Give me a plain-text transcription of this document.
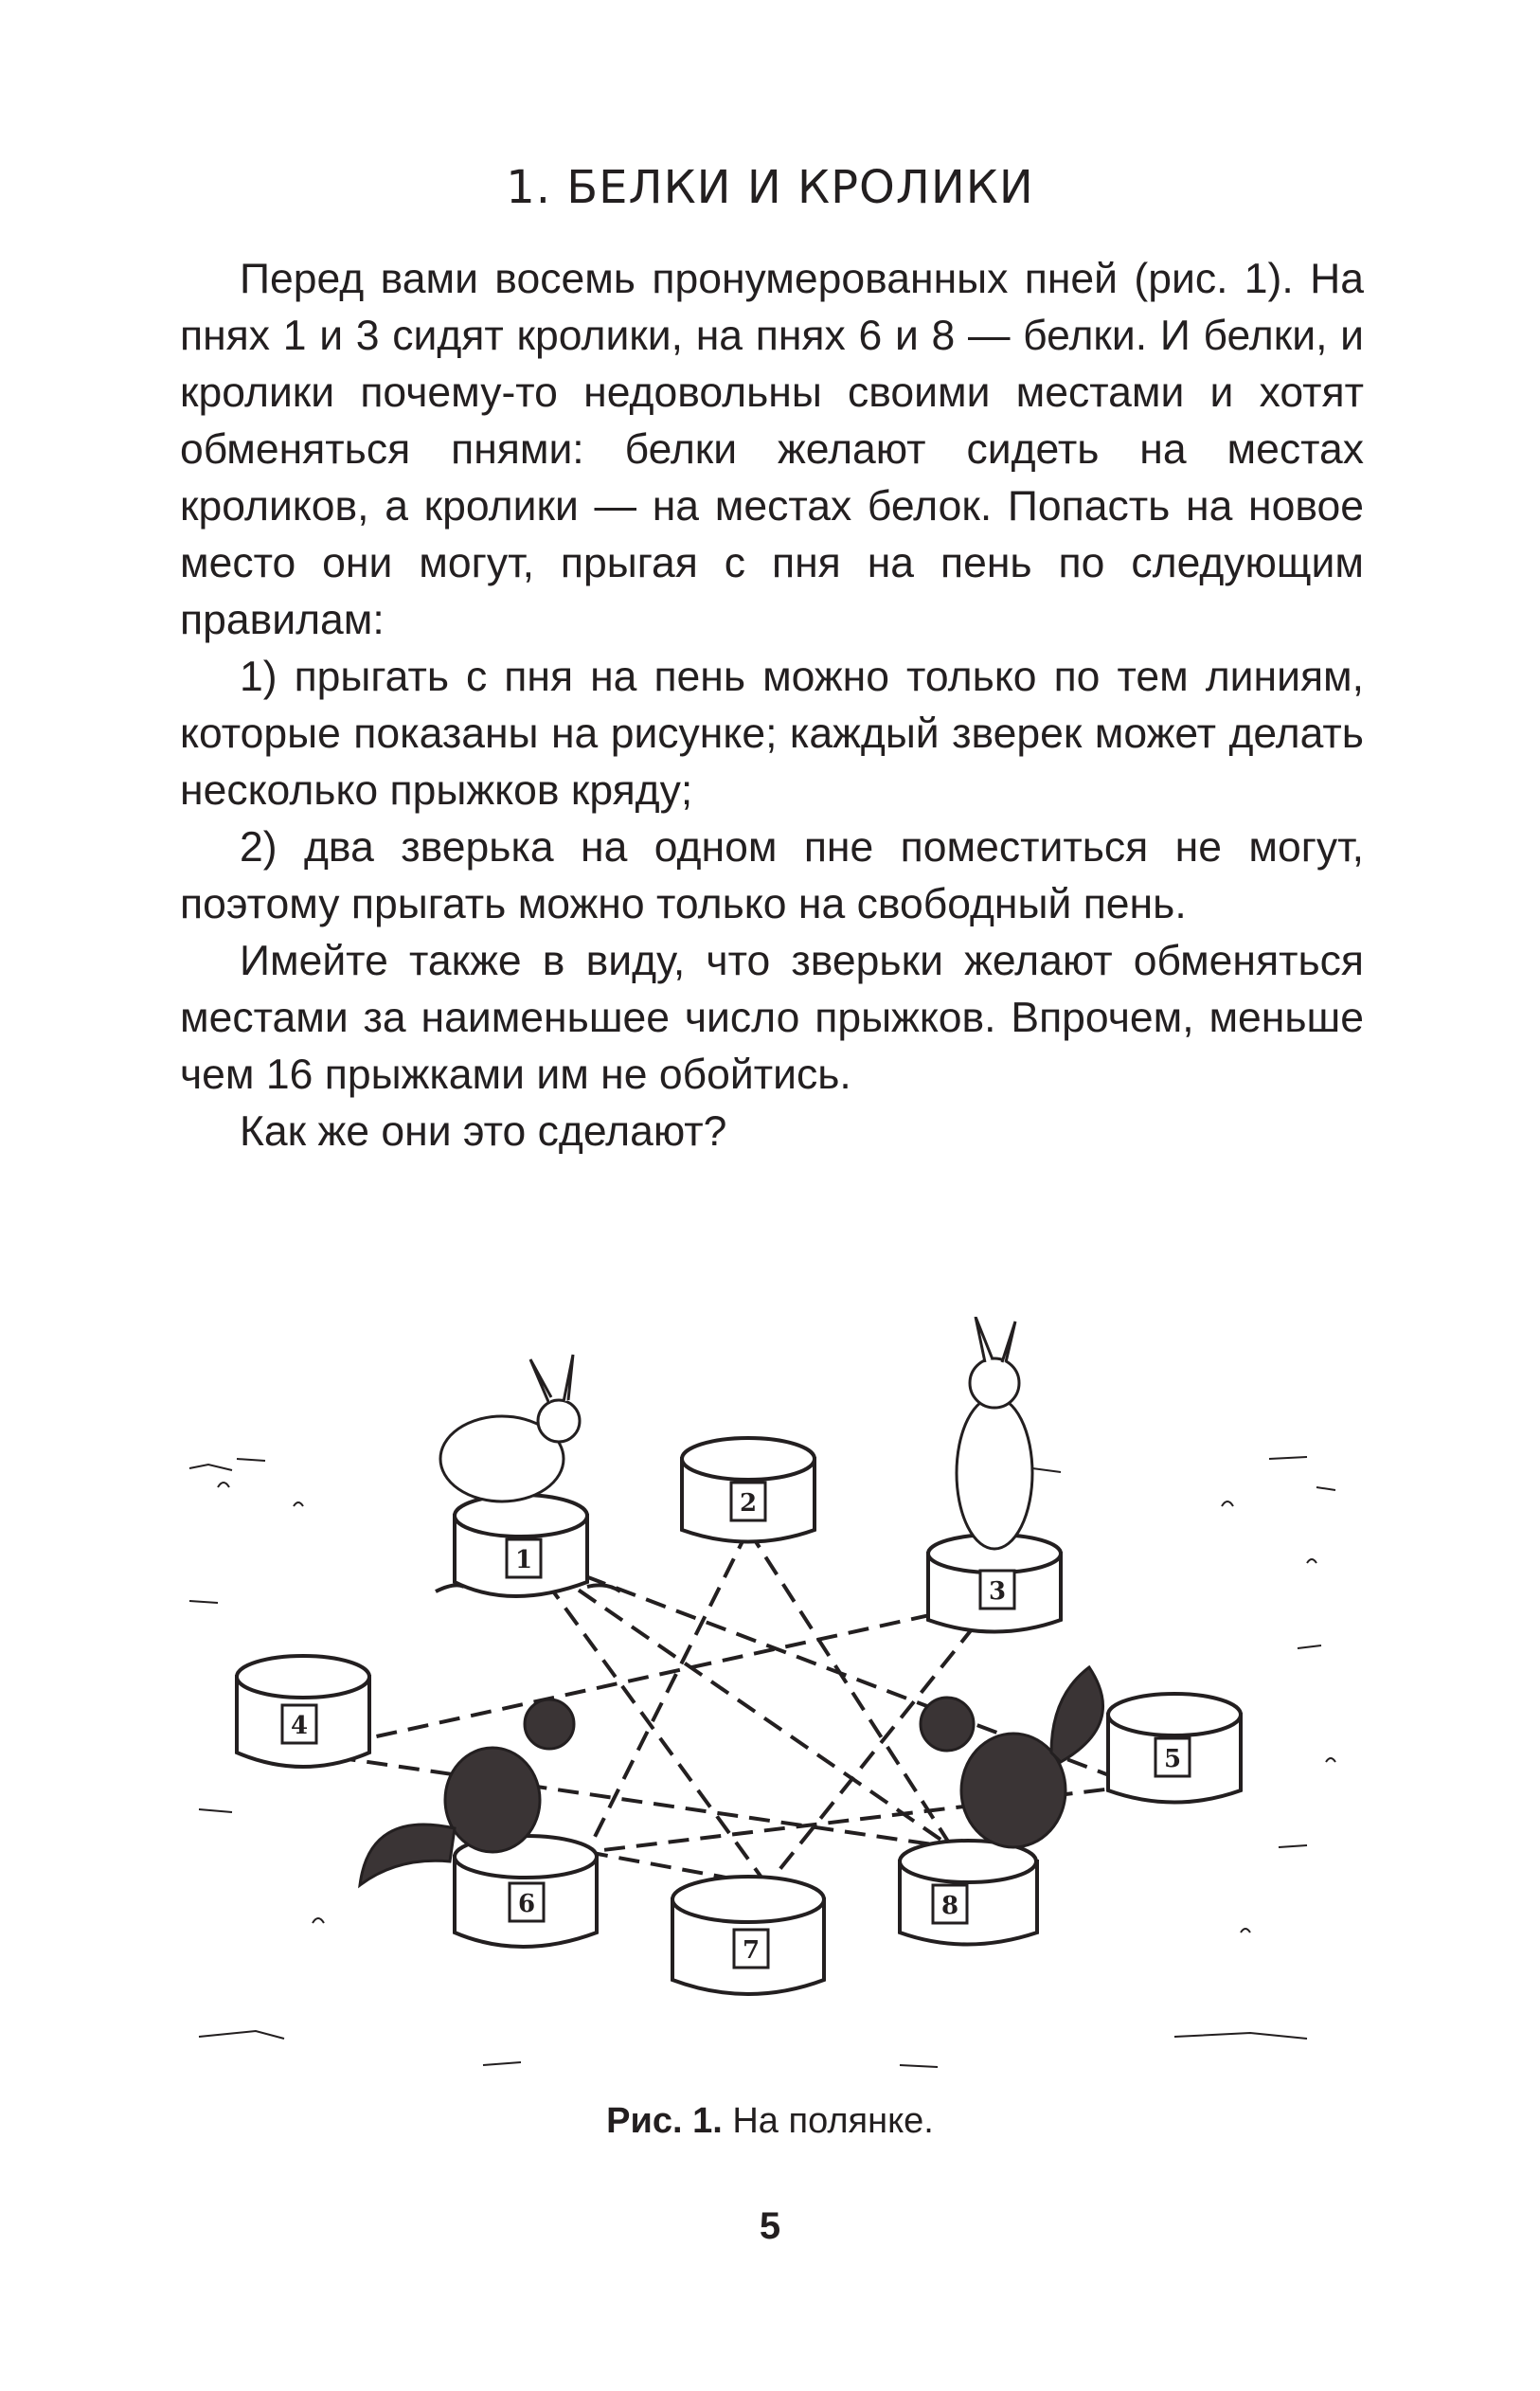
1. БЕЛКИ И КРОЛИКИ

Перед вами восемь пронумерованных пней (рис. 1). На пнях 1 и 3 сидят кролики, на пнях 6 и 8 — белки. И белки, и кролики почему-то недовольны своими местами и хотят обменяться пнями: белки желают сидеть на местах кроликов, а кролики — на местах белок. Попасть на новое место они могут, прыгая с пня на пень по следующим правилам:

1) прыгать с пня на пень можно только по тем линиям, которые показаны на рисунке; каждый зверек может делать несколько прыжков кряду;

2) два зверька на одном пне поместиться не могут, поэтому прыгать можно только на свободный пень.

Имейте также в виду, что зверьки желают обменяться местами за наименьшее число прыжков. Впрочем, меньше чем 16 прыжками им не обойтись.

Как же они это сделают?

1
2
3
4
5
6
7
8
Рис. 1. На полянке.
5
